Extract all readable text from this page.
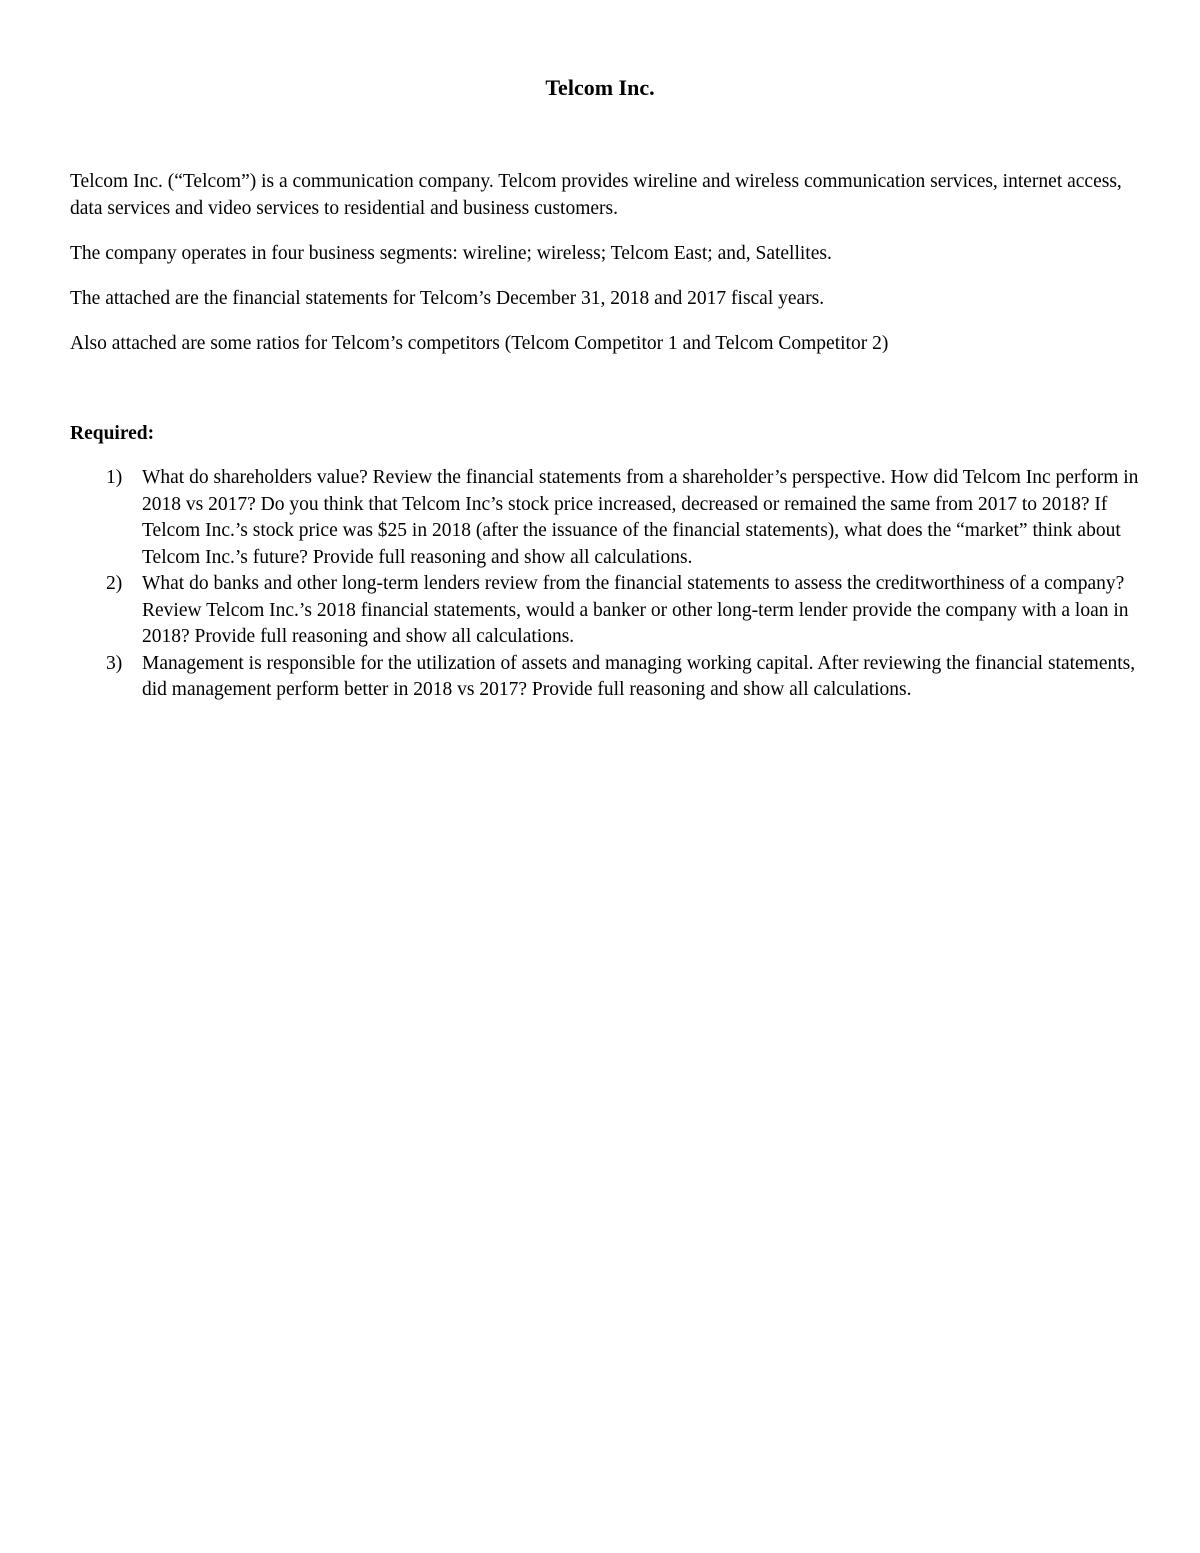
Telcom Inc.

Telcom Inc. (“Telcom”) is a communication company. Telcom provides wireline and wireless communication services, internet access, data services and video services to residential and business customers.

The company operates in four business segments: wireline; wireless; Telcom East; and, Satellites.

The attached are the financial statements for Telcom’s December 31, 2018 and 2017 fiscal years.

Also attached are some ratios for Telcom’s competitors (Telcom Competitor 1 and Telcom Competitor 2)

Required:

1)	What do shareholders value? Review the financial statements from a shareholder’s perspective. How did Telcom Inc perform in 2018 vs 2017? Do you think that Telcom Inc’s stock price increased, decreased or remained the same from 2017 to 2018? If Telcom Inc.’s stock price was $25 in 2018 (after the issuance of the financial statements), what does the “market” think about Telcom Inc.’s future? Provide full reasoning and show all calculations.
2)	What do banks and other long-term lenders review from the financial statements to assess the creditworthiness of a company? Review Telcom Inc.’s 2018 financial statements, would a banker or other long-term lender provide the company with a loan in 2018? Provide full reasoning and show all calculations.
3)	Management is responsible for the utilization of assets and managing working capital. After reviewing the financial statements, did management perform better in 2018 vs 2017? Provide full reasoning and show all calculations.
